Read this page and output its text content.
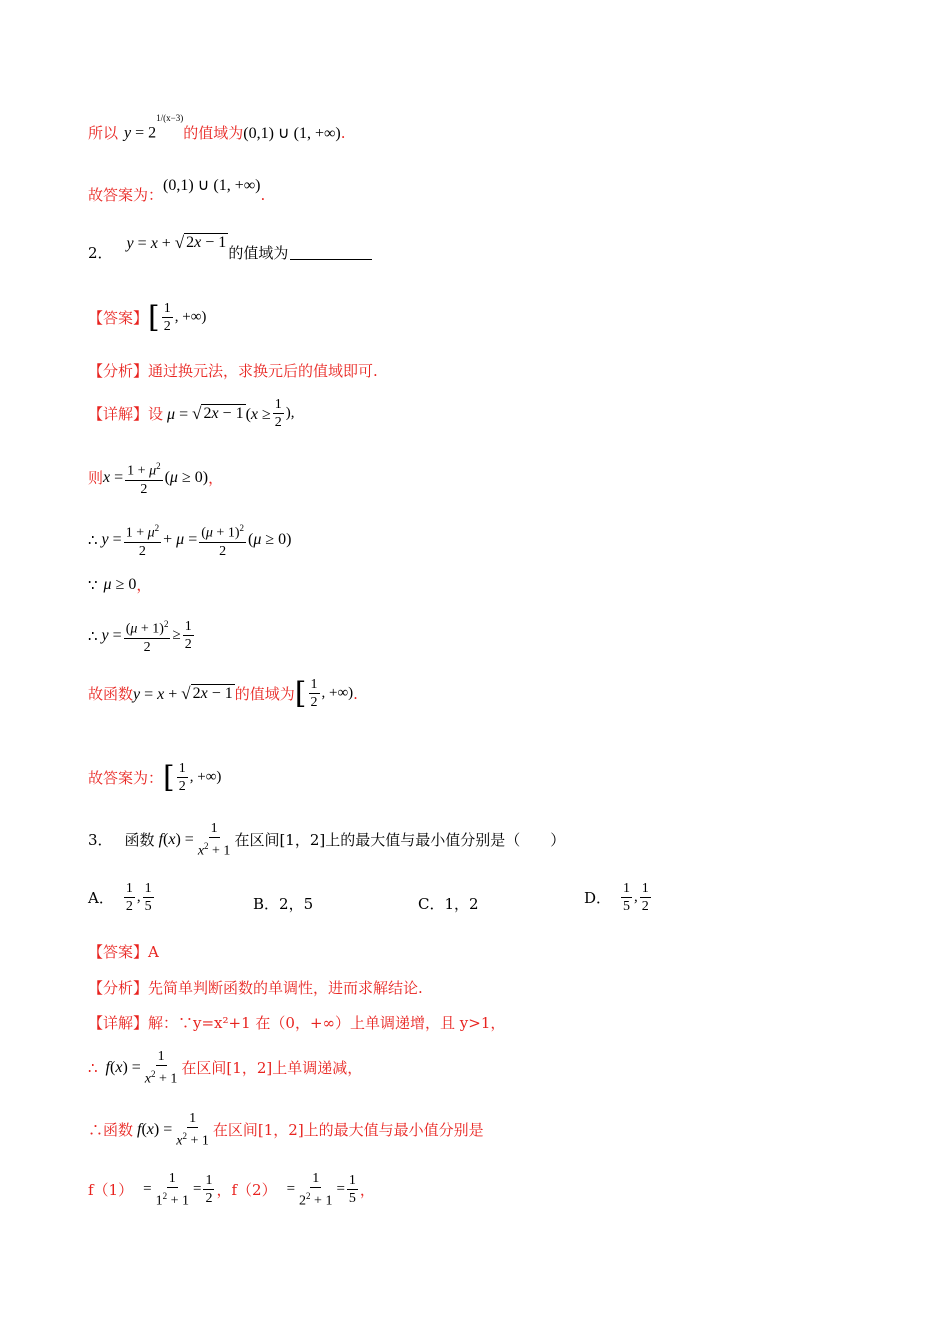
所以 $y = 2^{1/(x-3)}$
的值域为 (0,1) ∪ (1, +∞) .
故答案为：
(0,1) ∪ (1, +∞)
.
2．
y = x + √ 2x − 1
的值域为
【答案】 [ $\frac{1}{2}$ , +∞)
【分析】 通过换元法，求换元后的值域即可.
【详解】 设 μ = √ 2x − 1 ($x \ge \frac{1}{2}$ ),
则 $x = \frac{1 + \mu^2}{2} (\mu \ge 0)$ ，
∴ $y = \frac{1 + \mu^2}{2} + \mu = \frac{(\mu + 1)^2}{2} (\mu \ge 0)$
∵ μ ≥ 0 ，
∴ $y = \frac{(\mu + 1)^2}{2} \ge \frac{1}{2}$
故函数 y = x + √ 2x − 1 的值域为 [ $\frac{1}{2}$ , +∞) .
故答案为： [ $\frac{1}{2}$ , +∞)
3． 函数 $f(x) = \frac{1}{x^2 + 1}$ 在区间[1，2]上的最大值与最小值分别是（　　）
A． $\frac{1}{2}$ , $\frac{1}{5}$	B． 2，5	C． 1，2	D． $\frac{1}{5}$ , $\frac{1}{2}$
【答案】 A
【分析】 先简单判断函数的单调性，进而求解结论.
【详解】 解：∵y=x²+1 在（0，+∞）上单调递增，且 y>1，
∴ $f(x) = \frac{1}{x^2 + 1}$ 在区间[1，2]上单调递减，
∴函数 $f(x) = \frac{1}{x^2 + 1}$ 在区间[1，2]上的最大值与最小值分别是
$f(1) = \frac{1}{1^2 + 1} = \frac{1}{2}$ ， $f(2) = \frac{1}{2^2 + 1} = \frac{1}{5}$ ，
